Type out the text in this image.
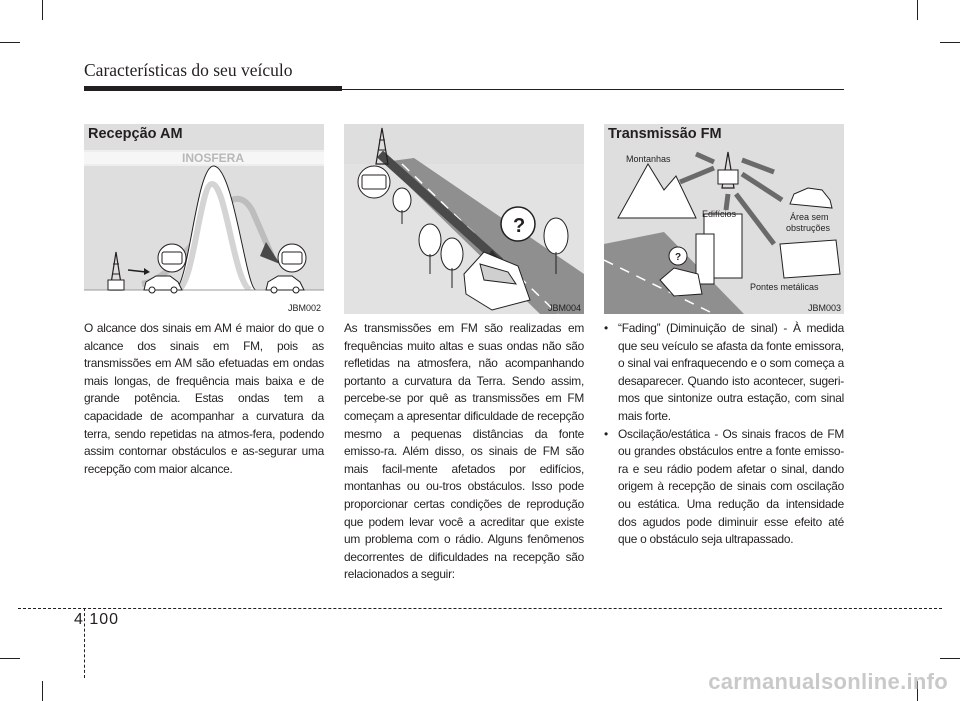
Características do seu veículo
INOSFERA
Recepção AM
JBM002
?
JBM004
?
Montanhas
Edifícios	Área sem
obstruções
Pontes metálicas
Transmissão FM
JBM003

O alcance dos sinais em AM é maior do que o alcance dos sinais em FM, pois as transmissões em AM são efetuadas em ondas mais longas, de frequência mais baixa e de grande potência. Estas ondas tem a capacidade de acompanhar a curvatura da terra, sendo repetidas na atmos-fera, podendo assim contornar obstáculos e as-segurar uma recepção com maior alcance.

As transmissões em FM são realizadas em frequências muito altas e suas ondas não são refletidas na atmosfera, não acompanhando portanto a curvatura da Terra. Sendo assim, percebe-se por quê as transmissões em FM começam a apresentar dificuldade de recepção mesmo a pequenas distâncias da fonte emisso-ra. Além disso, os sinais de FM são mais facil-mente afetados por edifícios, montanhas ou ou-tros obstáculos. Isso pode proporcionar certas condições de reprodução que podem levar você a acreditar que existe um problema com o rádio. Alguns fenômenos decorrentes de dificuldades na recepção são relacionados a seguir:

• “Fading” (Diminuição de sinal) - À medida que seu veículo se afasta da fonte emissora, o sinal vai enfraquecendo e o som começa a desaparecer. Quando isto acontecer, sugeri-mos que sintonize outra estação, com sinal mais forte.
• Oscilação/estática - Os sinais fracos de FM ou grandes obstáculos entre a fonte emisso-ra e seu rádio podem afetar o sinal, dando origem à recepção de sinais com oscilação ou estática. Uma redução da intensidade dos agudos pode diminuir esse efeito até que o obstáculo seja ultrapassado.
4 100
carmanualsonline.info
